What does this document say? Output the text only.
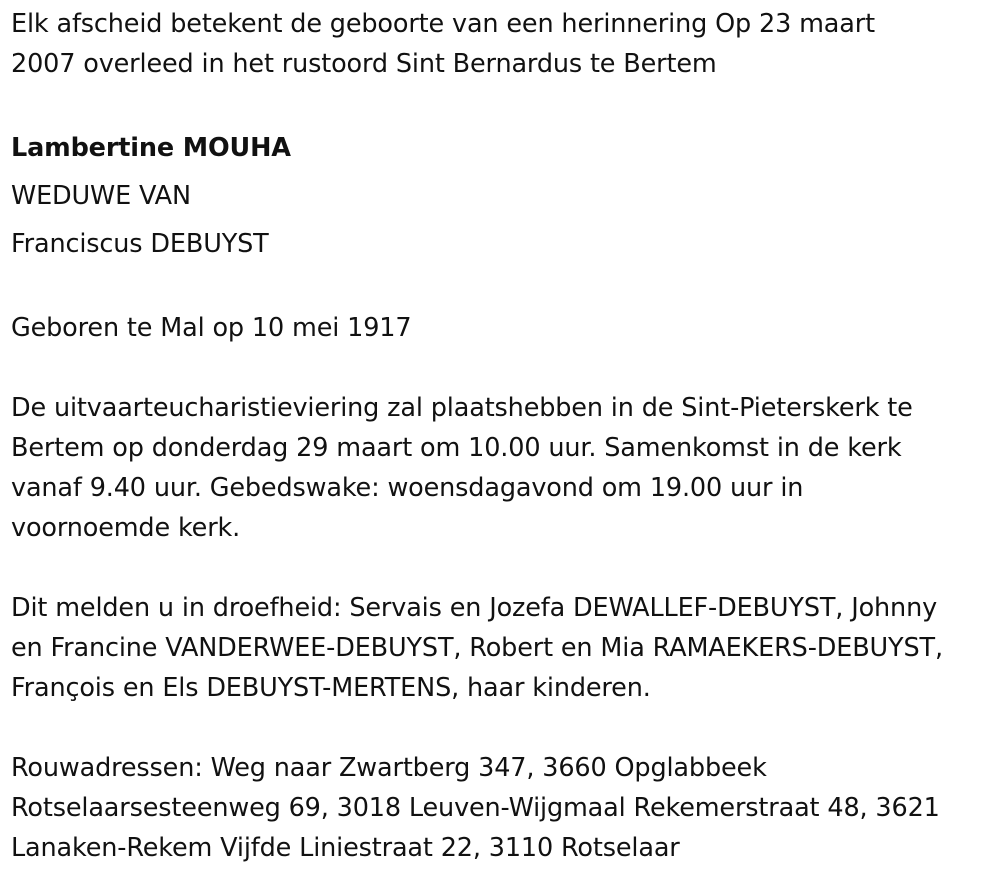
Elk afscheid betekent de geboorte van een herinnering Op 23 maart

2007 overleed in het rustoord Sint Bernardus te Bertem

Lambertine MOUHA

WEDUWE VAN

Franciscus DEBUYST

Geboren te Mal op 10 mei 1917

De uitvaarteucharistieviering zal plaatshebben in de Sint-Pieterskerk te

Bertem op donderdag 29 maart om 10.00 uur. Samenkomst in de kerk

vanaf 9.40 uur. Gebedswake: woensdagavond om 19.00 uur in

voornoemde kerk.

Dit melden u in droefheid: Servais en Jozefa DEWALLEF-DEBUYST, Johnny

en Francine VANDERWEE-DEBUYST, Robert en Mia RAMAEKERS-DEBUYST,

François en Els DEBUYST-MERTENS, haar kinderen.

Rouwadressen: Weg naar Zwartberg 347, 3660 Opglabbeek

Rotselaarsesteenweg 69, 3018 Leuven-Wijgmaal Rekemerstraat 48, 3621

Lanaken-Rekem Vijfde Liniestraat 22, 3110 Rotselaar
